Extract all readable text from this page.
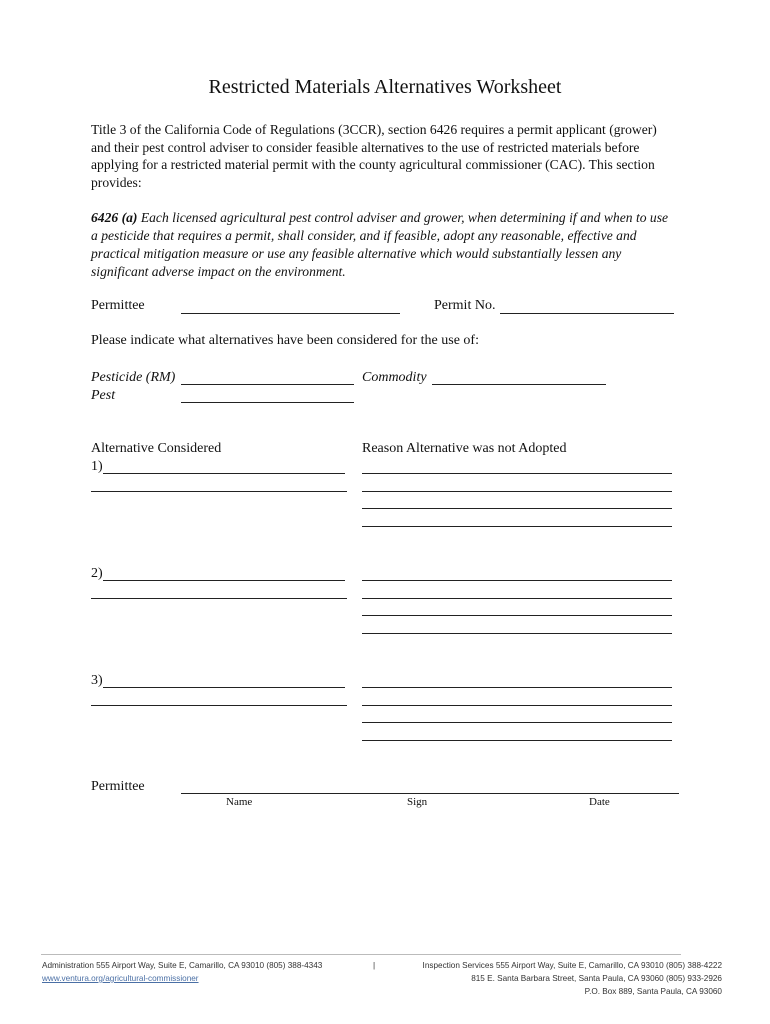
Restricted Materials Alternatives Worksheet
Title 3 of the California Code of Regulations (3CCR), section 6426 requires a permit applicant (grower) and their pest control adviser to consider feasible alternatives to the use of restricted materials before applying for a restricted material permit with the county agricultural commissioner (CAC). This section provides:
6426 (a) Each licensed agricultural pest control adviser and grower, when determining if and when to use a pesticide that requires a permit, shall consider, and if feasible, adopt any reasonable, effective and practical mitigation measure or use any feasible alternative which would substantially lessen any significant adverse impact on the environment.
Permittee	Permit No.
Please indicate what alternatives have been considered for the use of:
Pesticide (RM)	Commodity
Pest
Alternative Considered	Reason Alternative was not Adopted
1)
2)
3)
Permittee
Name	Sign	Date
Administration 555 Airport Way, Suite E, Camarillo, CA 93010 (805) 388-4343	|	Inspection Services 555 Airport Way, Suite E, Camarillo, CA 93010 (805) 388-4222
www.ventura.org/agricultural-commissioner	815 E. Santa Barbara Street, Santa Paula, CA 93060 (805) 933-2926
P.O. Box 889, Santa Paula, CA 93060
